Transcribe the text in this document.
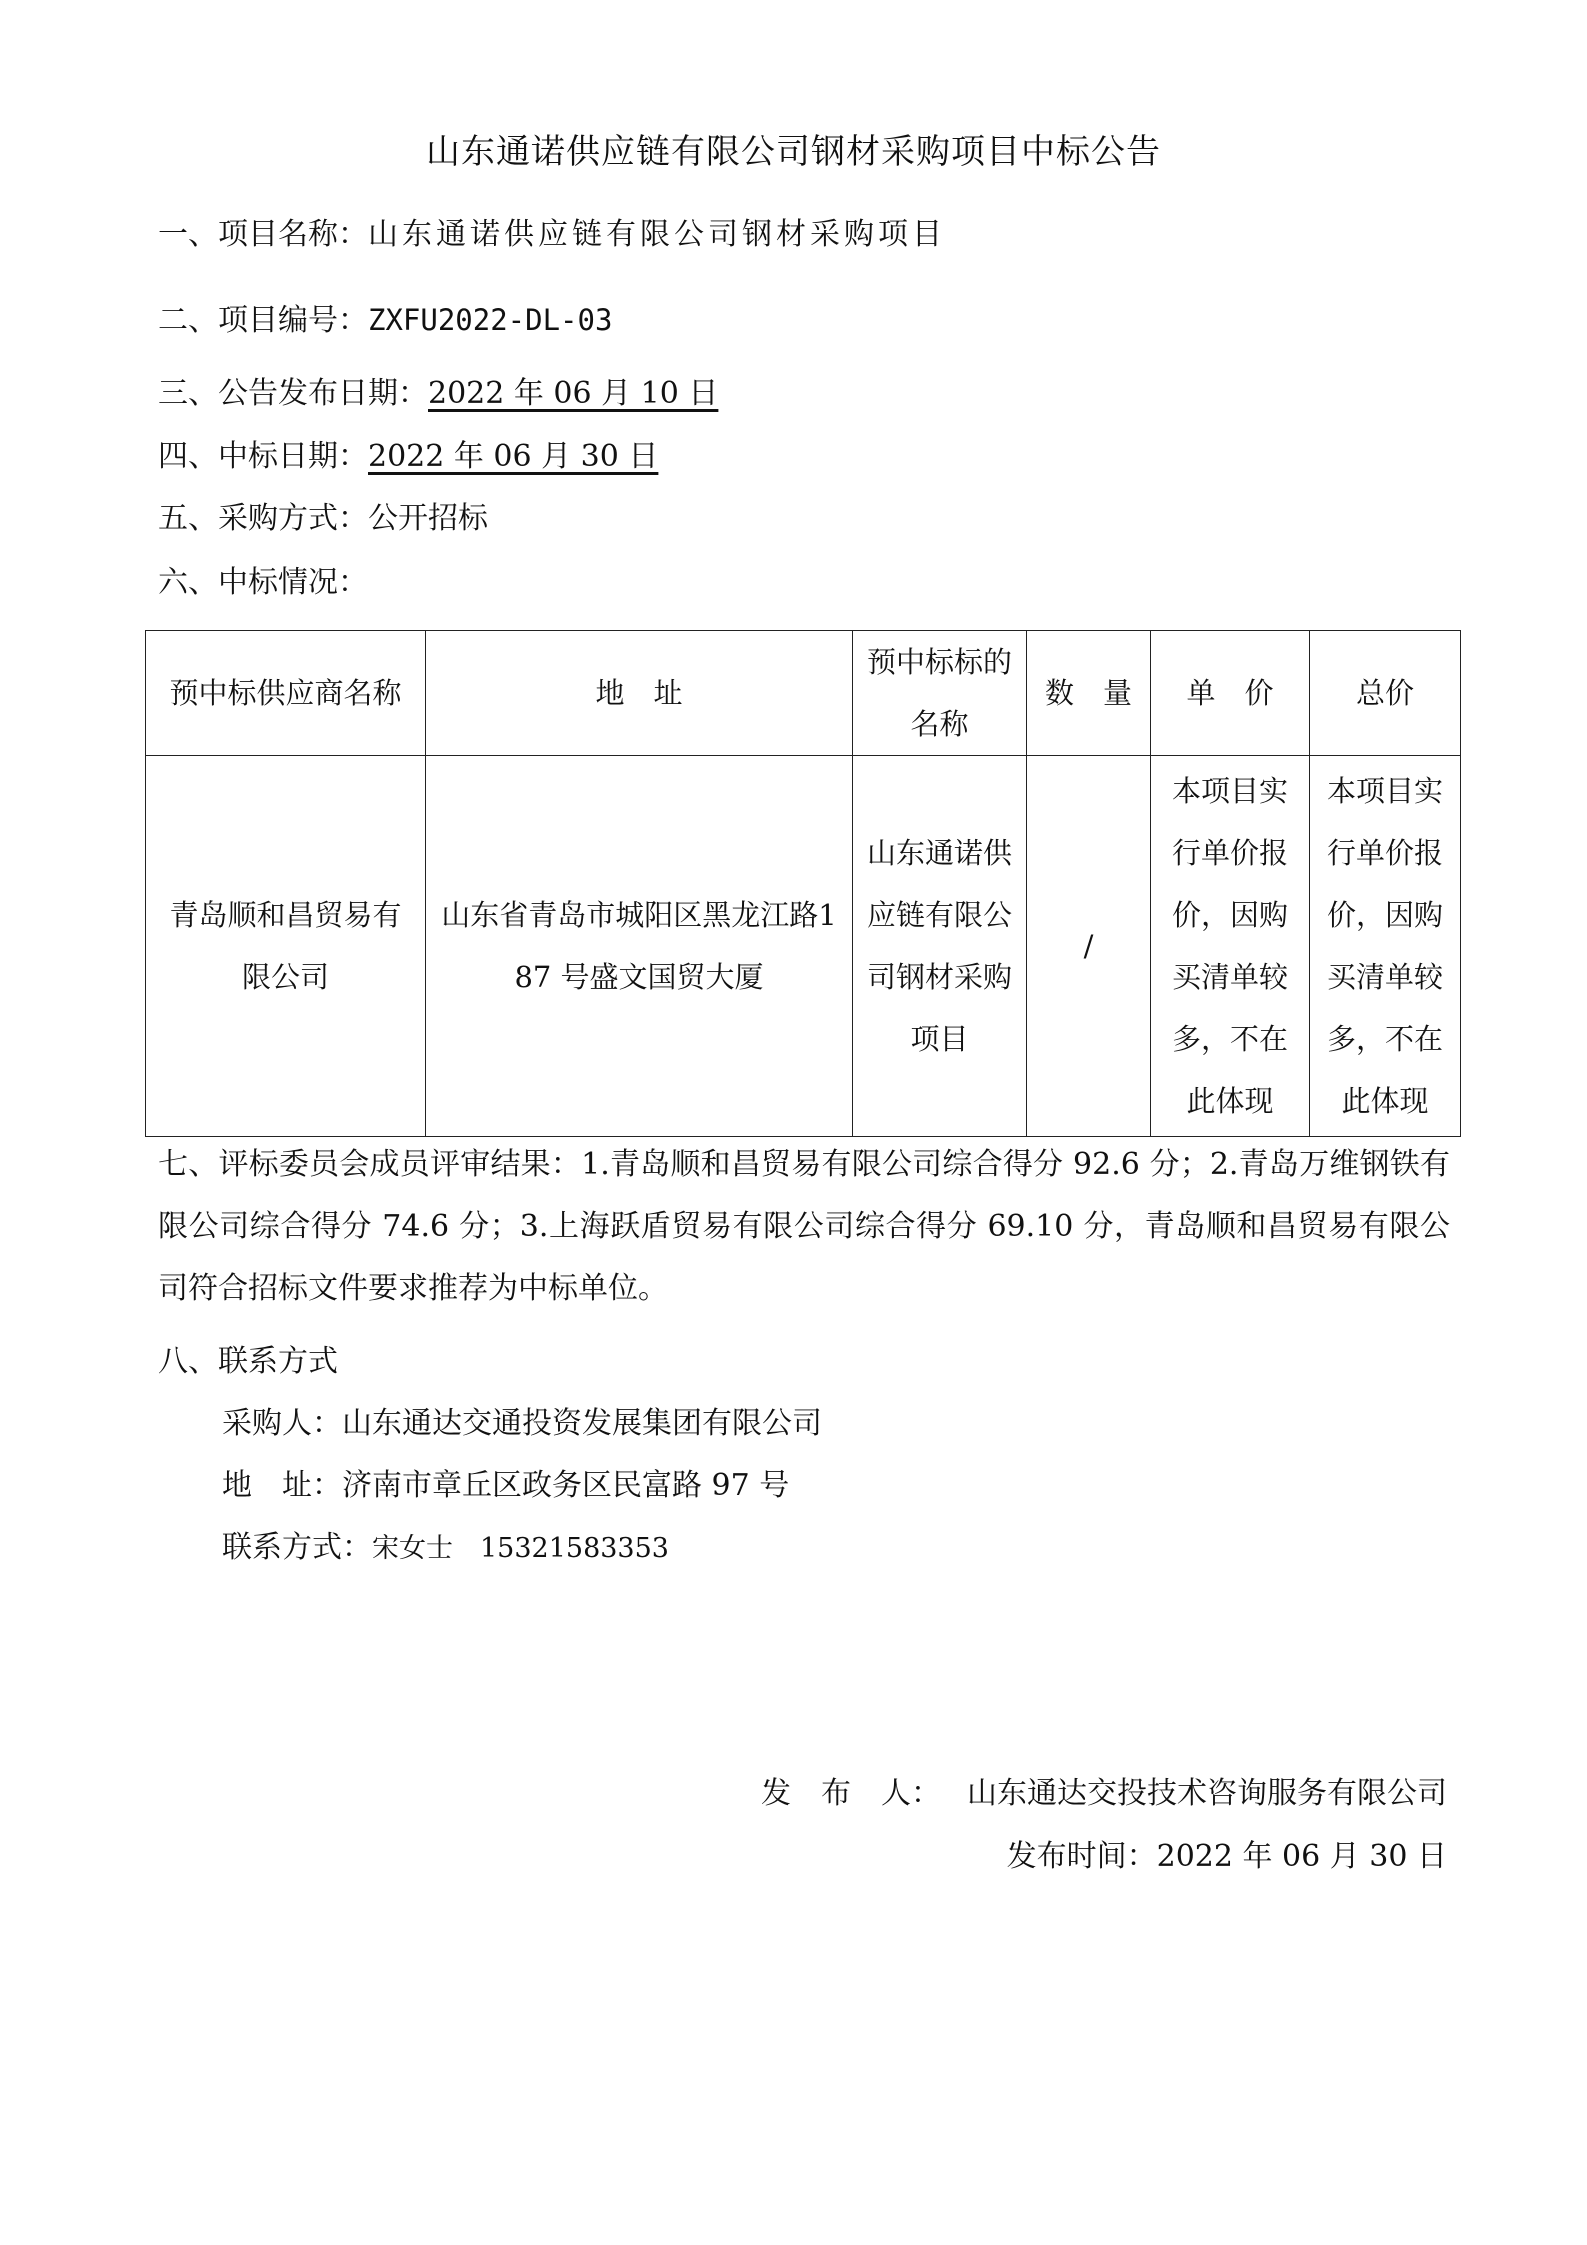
山东通诺供应链有限公司钢材采购项目中标公告
一、项目名称：山东通诺供应链有限公司钢材采购项目
二、项目编号：ZXFU2022-DL-03
三、公告发布日期：2022 年 06 月 10 日
四、中标日期：2022 年 06 月 30 日
五、采购方式：公开招标
六、中标情况：
预中标供应商名称	地　址	预中标标的名称	数　量	单　价	总价
青岛顺和昌贸易有限公司	山东省青岛市城阳区黑龙江路187 号盛文国贸大厦	山东通诺供应链有限公司钢材采购项目	/	本项目实行单价报价，因购买清单较多，不在此体现	本项目实行单价报价，因购买清单较多，不在此体现
七、评标委员会成员评审结果：1.青岛顺和昌贸易有限公司综合得分 92.6 分；2.青岛万维钢铁有限公司综合得分 74.6 分；3.上海跃盾贸易有限公司综合得分 69.10 分，青岛顺和昌贸易有限公司符合招标文件要求推荐为中标单位。
八、联系方式
采购人：山东通达交通投资发展集团有限公司
地　址：济南市章丘区政务区民富路 97 号
联系方式：宋女士　15321583353
发　布　人： 山东通达交投技术咨询服务有限公司
发布时间：2022 年 06 月 30 日
